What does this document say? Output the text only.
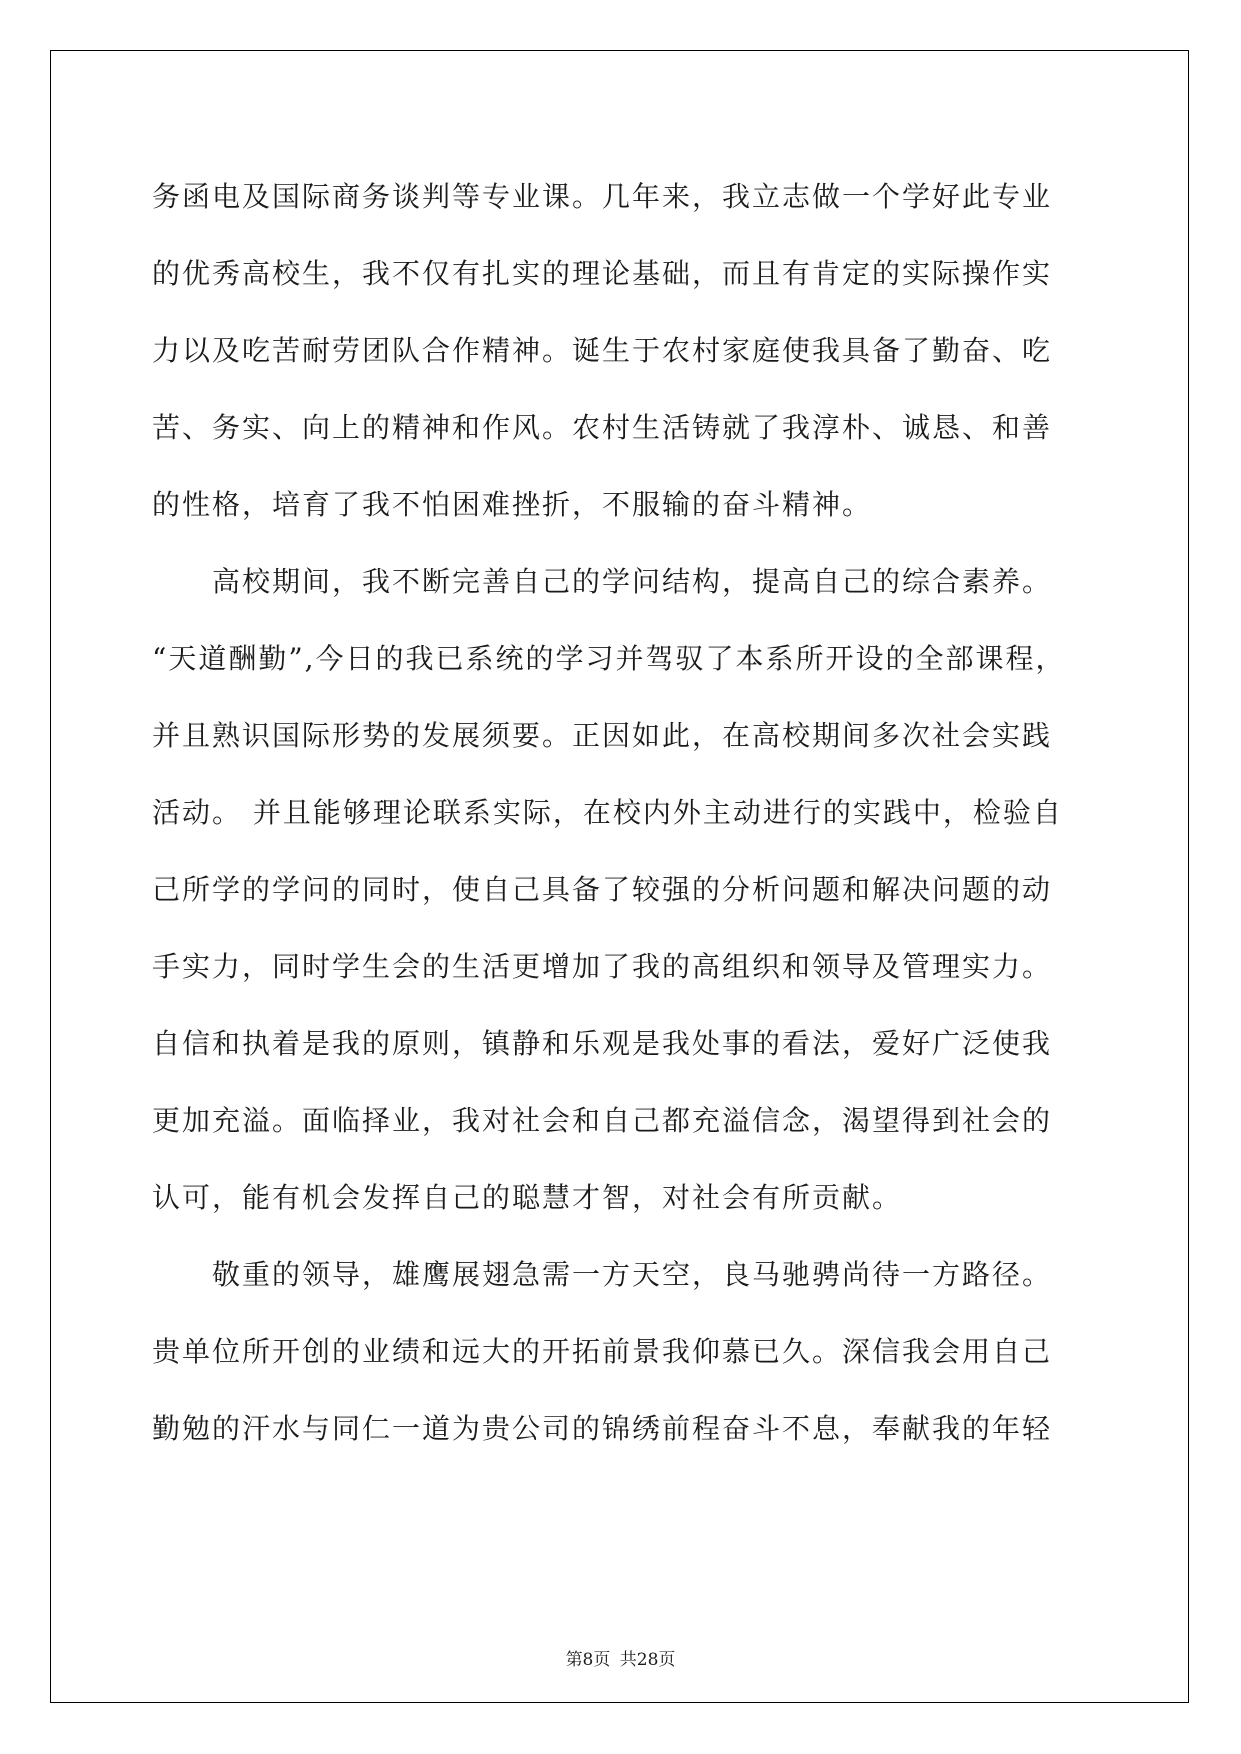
务函电及国际商务谈判等专业课。几年来，我立志做一个学好此专业
的优秀高校生，我不仅有扎实的理论基础，而且有肯定的实际操作实
力以及吃苦耐劳团队合作精神。诞生于农村家庭使我具备了勤奋、吃
苦、务实、向上的精神和作风。农村生活铸就了我淳朴、诚恳、和善
的性格，培育了我不怕困难挫折，不服输的奋斗精神。
　　高校期间，我不断完善自己的学问结构，提高自己的综合素养。
“天道酬勤”,今日的我已系统的学习并驾驭了本系所开设的全部课程，
并且熟识国际形势的发展须要。正因如此，在高校期间多次社会实践
活动。 并且能够理论联系实际，在校内外主动进行的实践中，检验自
己所学的学问的同时，使自己具备了较强的分析问题和解决问题的动
手实力，同时学生会的生活更增加了我的高组织和领导及管理实力。
自信和执着是我的原则，镇静和乐观是我处事的看法，爱好广泛使我
更加充溢。面临择业，我对社会和自己都充溢信念，渴望得到社会的
认可，能有机会发挥自己的聪慧才智，对社会有所贡献。
　　敬重的领导，雄鹰展翅急需一方天空，良马驰骋尚待一方路径。
贵单位所开创的业绩和远大的开拓前景我仰慕已久。深信我会用自己
勤勉的汗水与同仁一道为贵公司的锦绣前程奋斗不息，奉献我的年轻
第8页 共28页
